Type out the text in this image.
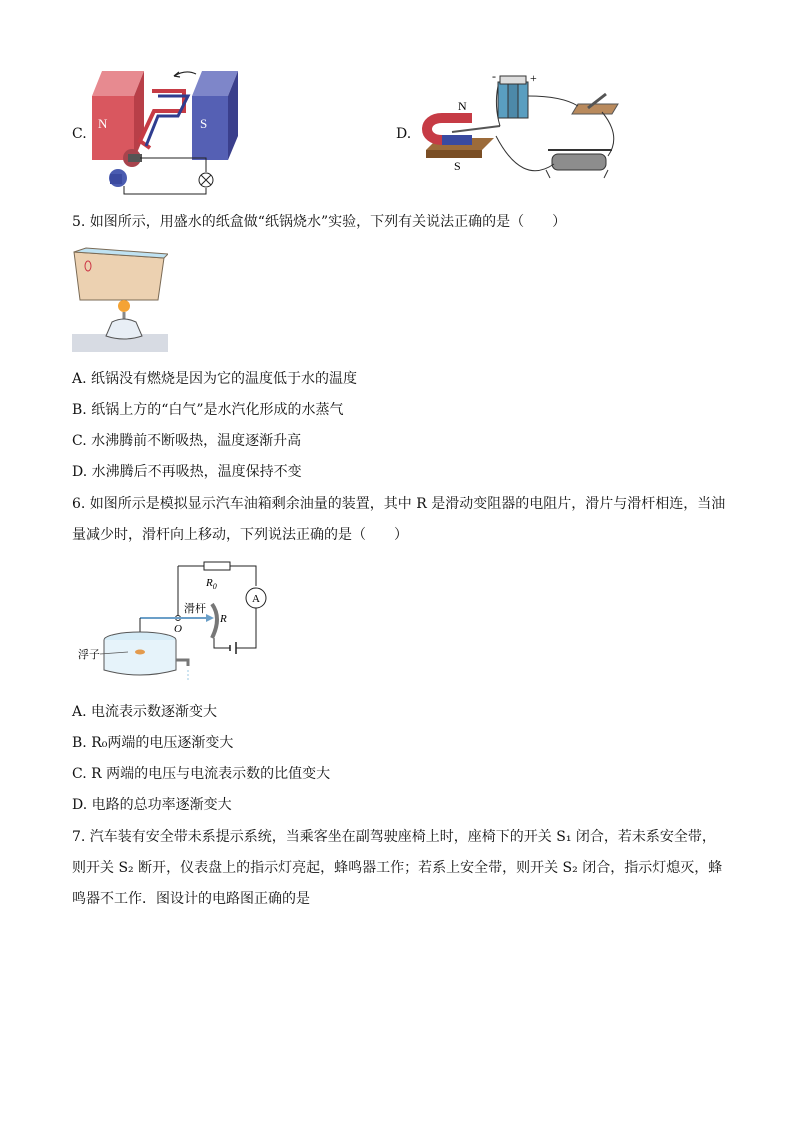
C.
N	S
D.
-	+
N
S
5. 如图所示，用盛水的纸盒做“纸锅烧水”实验，下列有关说法正确的是（　　）
A. 纸锅没有燃烧是因为它的温度低于水的温度
B. 纸锅上方的“白气”是水汽化形成的水蒸气
C. 水沸腾前不断吸热，温度逐渐升高
D. 水沸腾后不再吸热，温度保持不变
6. 如图所示是模拟显示汽车油箱剩余油量的装置，其中 R 是滑动变阻器的电阻片，滑片与滑杆相连，当油
量减少时，滑杆向上移动，下列说法正确的是（　　）
$R_0$
A
滑杆
O
R
浮子
A. 电流表示数逐渐变大
B. R₀两端的电压逐渐变大
C. R 两端的电压与电流表示数的比值变大
D. 电路的总功率逐渐变大
7. 汽车装有安全带未系提示系统，当乘客坐在副驾驶座椅上时，座椅下的开关 S₁ 闭合，若未系安全带，
则开关 S₂ 断开，仪表盘上的指示灯亮起，蜂鸣器工作；若系上安全带，则开关 S₂ 闭合，指示灯熄灭，蜂
鸣器不工作．图设计的电路图正确的是
